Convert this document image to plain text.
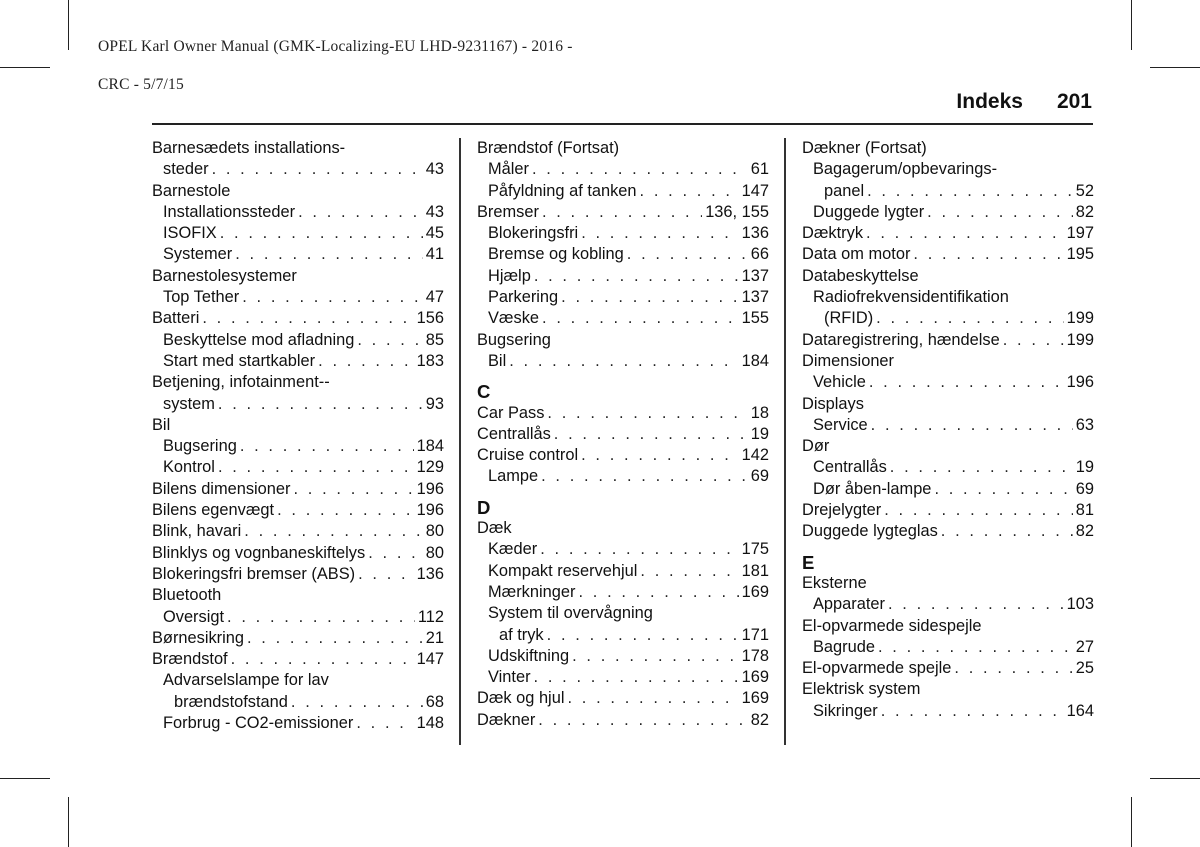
OPEL Karl Owner Manual (GMK-Localizing-EU LHD-9231167) - 2016 -

CRC - 5/7/15

Indeks 201
Barnesædets installations-
steder . . .	43
Barnestole
Installationssteder . . .	43
ISOFIX . . .	45
Systemer . . .	41
Barnestolesystemer
Top Tether . . .	47
Batteri . . .	156
Beskyttelse mod afladning . . .	85
Start med startkabler . . .	183
Betjening, infotainment--
system . . .	93
Bil
Bugsering . . .	184
Kontrol . . .	129
Bilens dimensioner . . .	196
Bilens egenvægt . . .	196
Blink, havari . . .	80
Blinklys og vognbaneskiftelys . . .	80
Blokeringsfri bremser (ABS) . . .	136
Bluetooth
Oversigt . . .	112
Børnesikring . . .	21
Brændstof . . .	147
Advarselslampe for lav
brændstofstand . . .	68
Forbrug - CO2-emissioner . . .	148
Brændstof (Fortsat)
Måler . . .	61
Påfyldning af tanken . . .	147
Bremser . . .	136, 155
Blokeringsfri . . .	136
Bremse og kobling . . .	66
Hjælp . . .	137
Parkering . . .	137
Væske . . .	155
Bugsering
Bil . . .	184
C
Car Pass . . .	18
Centrallås . . .	19
Cruise control . . .	142
Lampe . . .	69
D
Dæk
Kæder . . .	175
Kompakt reservehjul . . .	181
Mærkninger . . .	169
System til overvågning
af tryk . . .	171
Udskiftning . . .	178
Vinter . . .	169
Dæk og hjul . . .	169
Dækner . . .	82
Dækner (Fortsat)
Bagagerum/opbevarings-
panel . . .	52
Duggede lygter . . .	82
Dæktryk . . .	197
Data om motor . . .	195
Databeskyttelse
Radiofrekvensidentifikation
(RFID) . . .	199
Dataregistrering, hændelse . . .	199
Dimensioner
Vehicle . . .	196
Displays
Service . . .	63
Dør
Centrallås . . .	19
Dør åben-lampe . . .	69
Drejelygter . . .	81
Duggede lygteglas . . .	82
E
Eksterne
Apparater . . .	103
El-opvarmede sidespejle
Bagrude . . .	27
El-opvarmede spejle . . .	25
Elektrisk system
Sikringer . . .	164
